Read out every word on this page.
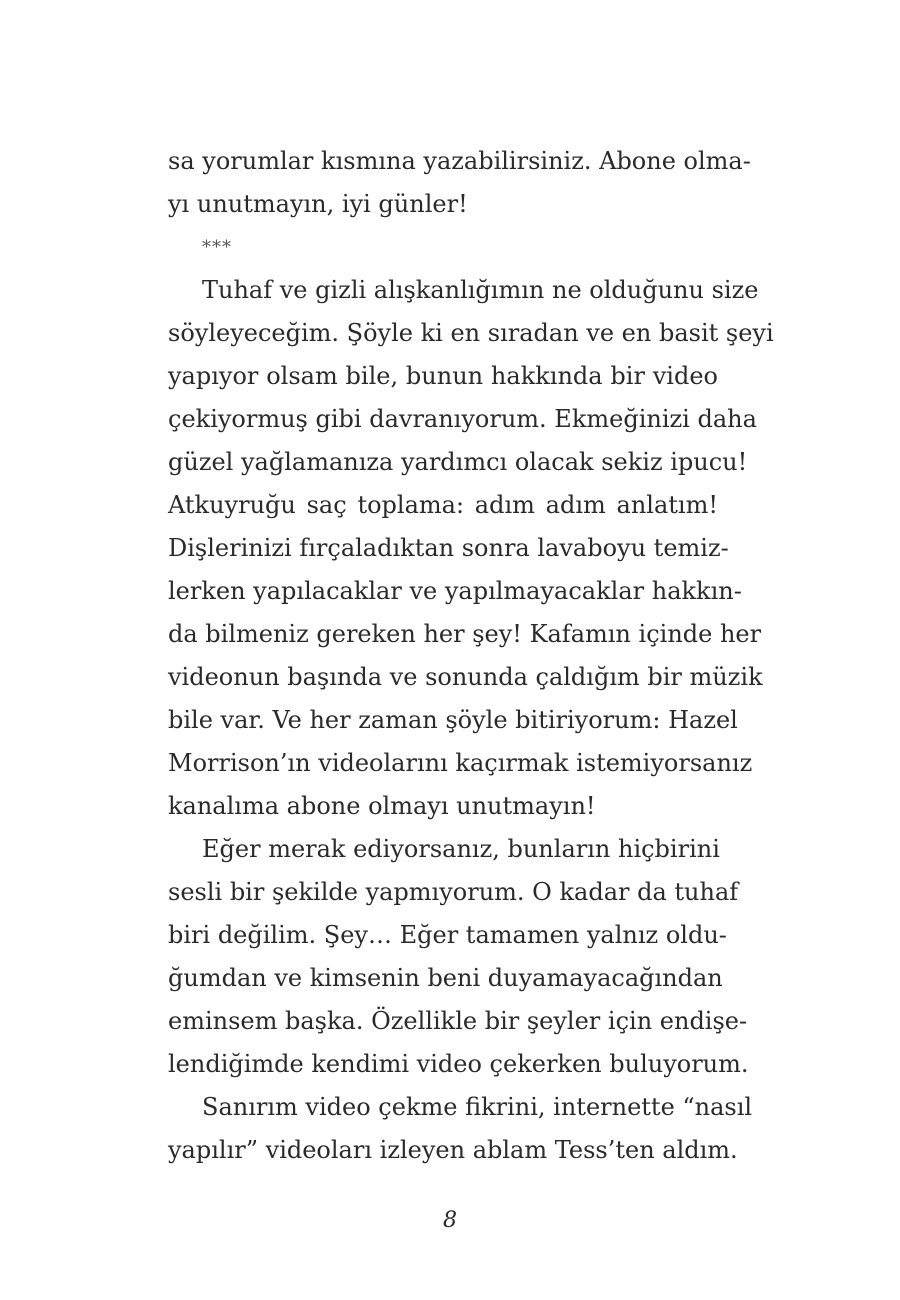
sa yorumlar kısmına yazabilirsiniz. Abone olma-
yı unutmayın, iyi günler!
***
Tuhaf ve gizli alışkanlığımın ne olduğunu size
söyleyeceğim. Şöyle ki en sıradan ve en basit şeyi
yapıyor olsam bile, bunun hakkında bir video
çekiyormuş gibi davranıyorum. Ekmeğinizi daha
güzel yağlamanıza yardımcı olacak sekiz ipucu!
Atkuyruğu saç toplama: adım adım anlatım!
Dişlerinizi fırçaladıktan sonra lavaboyu temiz-
lerken yapılacaklar ve yapılmayacaklar hakkın-
da bilmeniz gereken her şey! Kafamın içinde her
videonun başında ve sonunda çaldığım bir müzik
bile var. Ve her zaman şöyle bitiriyorum: Hazel
Morrison’ın videolarını kaçırmak istemiyorsanız
kanalıma abone olmayı unutmayın!
Eğer merak ediyorsanız, bunların hiçbirini
sesli bir şekilde yapmıyorum. O kadar da tuhaf
biri değilim. Şey… Eğer tamamen yalnız oldu-
ğumdan ve kimsenin beni duyamayacağından
eminsem başka. Özellikle bir şeyler için endişe-
lendiğimde kendimi video çekerken buluyorum.
Sanırım video çekme fikrini, internette “nasıl
yapılır” videoları izleyen ablam Tess’ten aldım.
8
